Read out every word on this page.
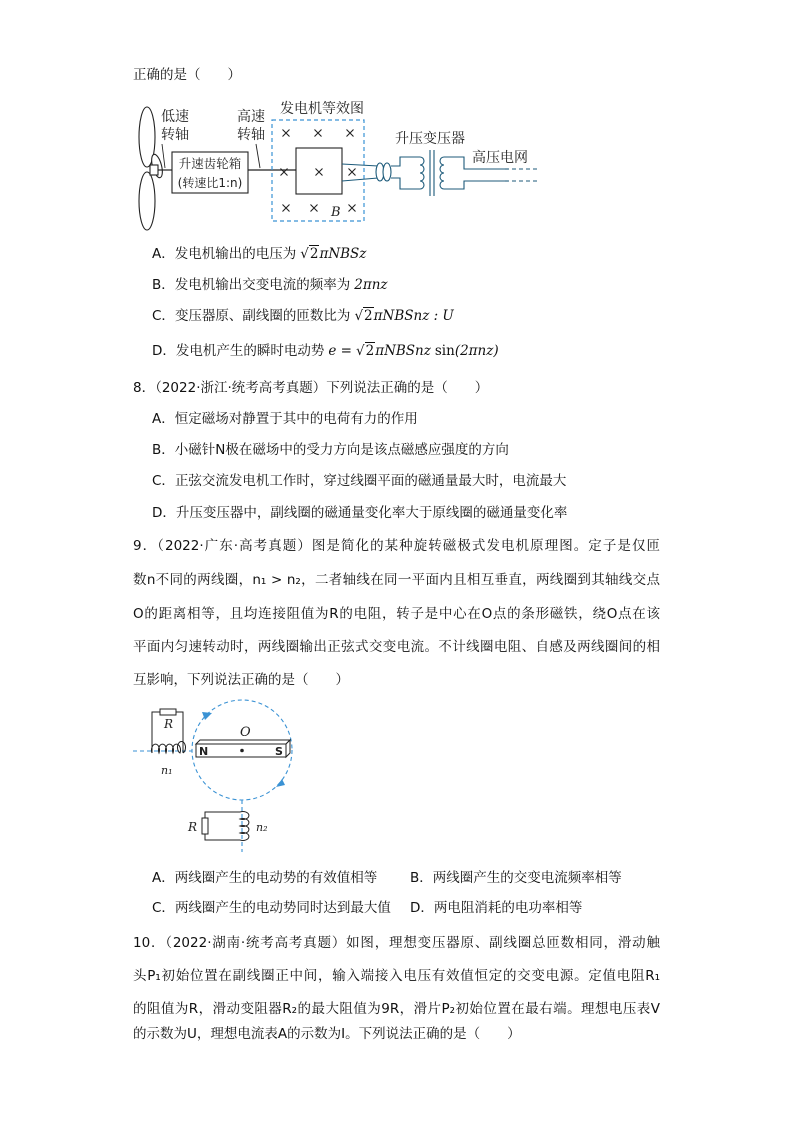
正确的是（　　）
低速
转轴
高速
转轴
升速齿轮箱
(转速比1:n)
发电机等效图
B
升压变压器
高压电网
A．发电机输出的电压为 √2πNBSz
B．发电机输出交变电流的频率为 2πnz
C．变压器原、副线圈的匝数比为 √2πNBSnz : U
D．发电机产生的瞬时电动势 e = √2πNBSnz sin(2πnz)
8．（2022·浙江·统考高考真题）下列说法正确的是（　　）
A．恒定磁场对静置于其中的电荷有力的作用
B．小磁针N极在磁场中的受力方向是该点磁感应强度的方向
C．正弦交流发电机工作时，穿过线圈平面的磁通量最大时，电流最大
D．升压变压器中，副线圈的磁通量变化率大于原线圈的磁通量变化率
9．（2022·广东·高考真题）图是简化的某种旋转磁极式发电机原理图。定子是仅匝
数n不同的两线圈，n₁ > n₂，二者轴线在同一平面内且相互垂直，两线圈到其轴线交点
O的距离相等，且均连接阻值为R的电阻，转子是中心在O点的条形磁铁，绕O点在该
平面内匀速转动时，两线圈输出正弦式交变电流。不计线圈电阻、自感及两线圈间的相
互影响，下列说法正确的是（　　）
N	S
O
R
n₁
R	n₂
A．两线圈产生的电动势的有效值相等 B．两线圈产生的交变电流频率相等
C．两线圈产生的电动势同时达到最大值 D．两电阻消耗的电功率相等
10．（2022·湖南·统考高考真题）如图，理想变压器原、副线圈总匝数相同，滑动触
头P₁初始位置在副线圈正中间，输入端接入电压有效值恒定的交变电源。定值电阻R₁
的阻值为R，滑动变阻器R₂的最大阻值为9R，滑片P₂初始位置在最右端。理想电压表V
的示数为U，理想电流表A的示数为I。下列说法正确的是（　　）
